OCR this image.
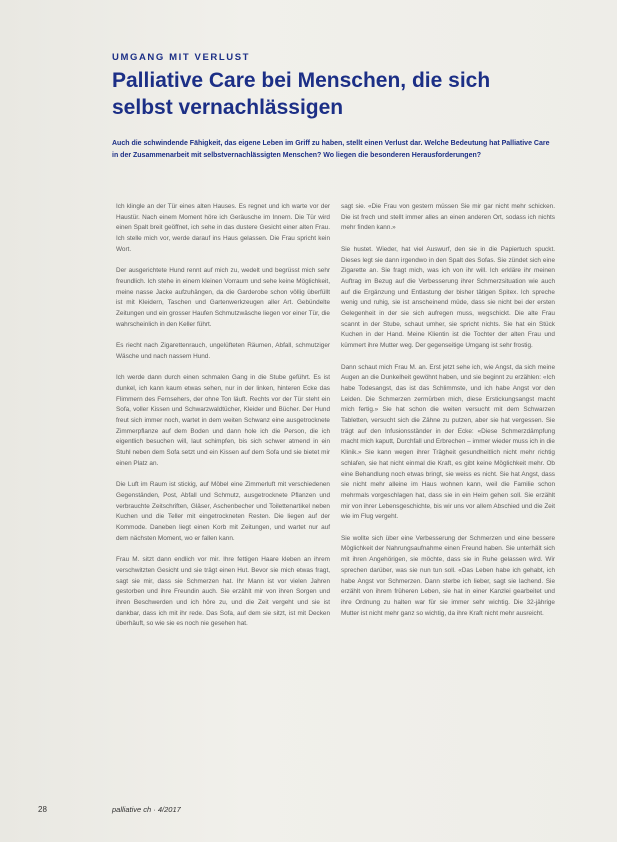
UMGANG MIT VERLUST
Palliative Care bei Menschen, die sich selbst vernachlässigen
Auch die schwindende Fähigkeit, das eigene Leben im Griff zu haben, stellt einen Verlust dar. Welche Bedeutung hat Palliative Care in der Zusammenarbeit mit selbstvernachlässigten Menschen? Wo liegen die besonderen Herausforderungen?

Ich klingle an der Tür eines alten Hauses. Es regnet und ich warte vor der Haustür. Nach einem Moment höre ich Geräusche im Innern. Die Tür wird einen Spalt breit geöffnet, ich sehe in das dustere Gesicht einer alten Frau. Ich stelle mich vor, werde darauf ins Haus gelassen. Die Frau spricht kein Wort.

Der ausgerichtete Hund rennt auf mich zu, wedelt und begrüsst mich sehr freundlich. Ich stehe in einem kleinen Vorraum und sehe keine Möglichkeit, meine nasse Jacke aufzuhängen, da die Garderobe schon völlig überfüllt ist mit Kleidern, Taschen und Gartenwerkzeugen aller Art. Gebündelte Zeitungen und ein grosser Haufen Schmutzwäsche liegen vor einer Tür, die wahrscheinlich in den Keller führt.

Es riecht nach Zigarettenrauch, ungelüfteten Räumen, Abfall, schmutziger Wäsche und nach nassem Hund.

Ich werde dann durch einen schmalen Gang in die Stube geführt. Es ist dunkel, ich kann kaum etwas sehen, nur in der linken, hinteren Ecke das Flimmern des Fernsehers, der ohne Ton läuft. Rechts vor der Tür steht ein Sofa, voller Kissen und Schwarzwaldtücher, Kleider und Bücher. Der Hund freut sich immer noch, wartet in dem weiten Schwanz eine ausgetrocknete Zimmerpflanze auf dem Boden und dann hole ich die Person, die ich eigentlich besuchen will, laut schimpfen, bis sich schwer atmend in ein Stuhl neben dem Sofa setzt und ein Kissen auf dem Sofa und sie bietet mir einen Platz an.

Die Luft im Raum ist stickig, auf Möbel eine Zimmerluft mit verschiedenen Gegenständen, Post, Abfall und Schmutz, ausgetrocknete Pflanzen und verbrauchte Zeitschriften, Gläser, Aschenbecher und Toilettenartikel neben Kuchen und die Teller mit eingetrockneten Resten. Die liegen auf der Kommode. Daneben liegt einen Korb mit Zeitungen, und wartet nur auf dem nächsten Moment, wo er fallen kann.

Frau M. sitzt dann endlich vor mir. Ihre fettigen Haare kleben an ihrem verschwitzten Gesicht und sie trägt einen Hut. Bevor sie mich etwas fragt, sagt sie mir, dass sie Schmerzen hat. Ihr Mann ist vor vielen Jahren gestorben und ihre Freundin auch. Sie erzählt mir von ihren Sorgen und ihren Beschwerden und ich höre zu, und die Zeit vergeht und sie ist dankbar, dass ich mit ihr rede. Das Sofa, auf dem sie sitzt, ist mit Decken überhäuft, so wie sie es noch nie gesehen hat.

sagt sie. «Die Frau von gestern müssen Sie mir gar nicht mehr schicken. Die ist frech und stellt immer alles an einen anderen Ort, sodass ich nichts mehr finden kann.»

Sie hustet. Wieder, hat viel Auswurf, den sie in die Papiertuch spuckt. Dieses legt sie dann irgendwo in den Spalt des Sofas. Sie zündet sich eine Zigarette an. Sie fragt mich, was ich von ihr will. Ich erkläre ihr meinen Auftrag im Bezug auf die Verbesserung ihrer Schmerzsituation wie auch auf die Ergänzung und Entlastung der bisher tätigen Spitex. Ich spreche wenig und ruhig, sie ist anscheinend müde, dass sie nicht bei der ersten Gelegenheit in der sie sich aufregen muss, wegschickt. Die alte Frau scannt in der Stube, schaut umher, sie spricht nichts. Sie hat ein Stück Kuchen in der Hand. Meine Klientin ist die Tochter der alten Frau und kümmert ihre Mutter weg. Der gegenseitige Umgang ist sehr frostig.

Dann schaut mich Frau M. an. Erst jetzt sehe ich, wie Angst, da sich meine Augen an die Dunkelheit gewöhnt haben, und sie beginnt zu erzählen: «Ich habe Todesangst, das ist das Schlimmste, und ich habe Angst vor den Leiden. Die Schmerzen zermürben mich, diese Erstickungsangst macht mich fertig.» Sie hat schon die weiten versucht mit dem Schwarzen Tabletten, versucht sich die Zähne zu putzen, aber sie hat vergessen. Sie trägt auf den Infusionsständer in der Ecke: «Diese Schmerzdämpfung macht mich kaputt, Durchfall und Erbrechen – immer wieder muss ich in die Klinik.» Sie kann wegen ihrer Trägheit gesundheitlich nicht mehr richtig schlafen, sie hat nicht einmal die Kraft, es gibt keine Möglichkeit mehr. Ob eine Behandlung noch etwas bringt, sie weiss es nicht. Sie hat Angst, dass sie nicht mehr alleine im Haus wohnen kann, weil die Familie schon mehrmals vorgeschlagen hat, dass sie in ein Heim gehen soll. Sie erzählt mir von ihrer Lebensgeschichte, bis wir uns vor allem Abschied und die Zeit wie im Flug vergeht.

Sie wollte sich über eine Verbesserung der Schmerzen und eine bessere Möglichkeit der Nahrungsaufnahme einen Freund haben. Sie unterhält sich mit ihren Angehörigen, sie möchte, dass sie in Ruhe gelassen wird. Wir sprechen darüber, was sie nun tun soll. «Das Leben habe ich gehabt, ich habe Angst vor Schmerzen. Dann sterbe ich lieber, sagt sie lachend. Sie erzählt von ihrem früheren Leben, sie hat in einer Kanzlei gearbeitet und ihre Ordnung zu halten war für sie immer sehr wichtig. Die 32-jährige Mutter ist nicht mehr ganz so wichtig, da ihre Kraft nicht mehr ausreicht.

28	palliative ch · 4/2017
